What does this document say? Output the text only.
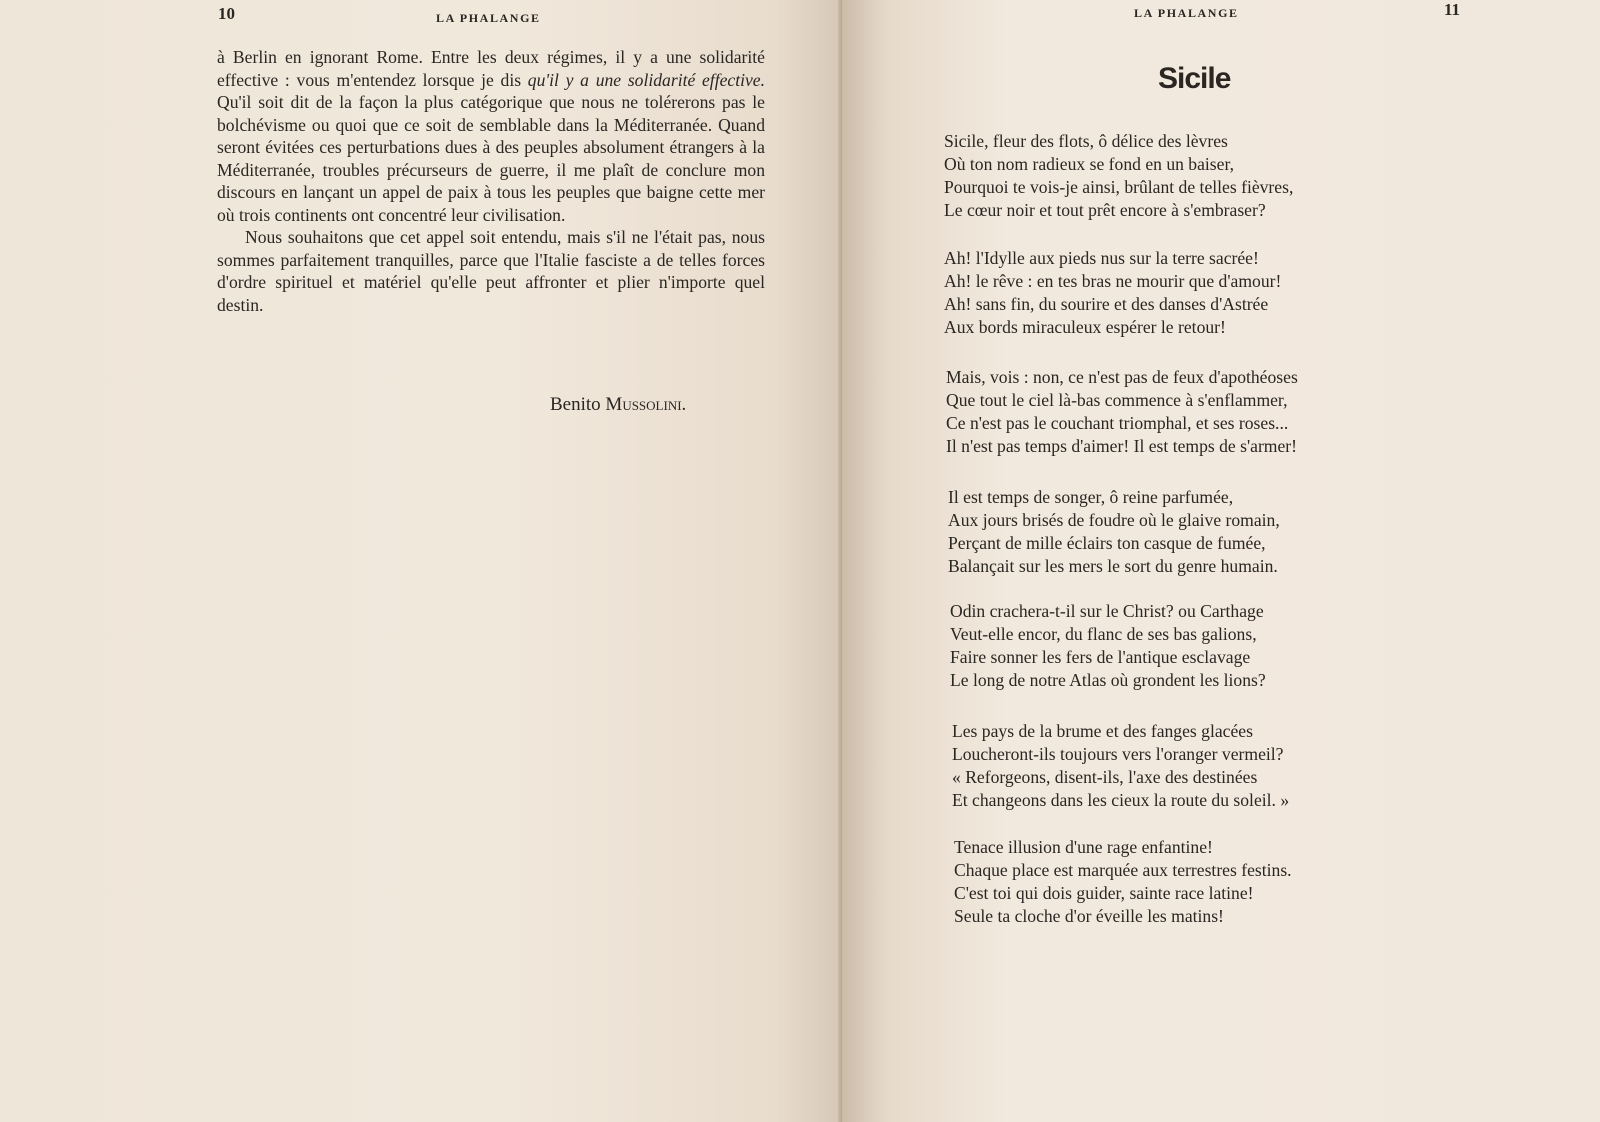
10	LA PHALANGE

à Berlin en ignorant Rome. Entre les deux régimes, il y a une solidarité effective : vous m'entendez lorsque je dis qu'il y a une solidarité effective. Qu'il soit dit de la façon la plus catégorique que nous ne tolérerons pas le bolchévisme ou quoi que ce soit de semblable dans la Méditerranée. Quand seront évitées ces perturbations dues à des peuples absolument étrangers à la Méditerranée, troubles précurseurs de guerre, il me plaît de conclure mon discours en lançant un appel de paix à tous les peuples que baigne cette mer où trois continents ont concentré leur civilisation.

Nous souhaitons que cet appel soit entendu, mais s'il ne l'était pas, nous sommes parfaitement tranquilles, parce que l'Italie fasciste a de telles forces d'ordre spirituel et matériel qu'elle peut affronter et plier n'importe quel destin.

Benito Mussolini.
LA PHALANGE	11
Sicile
Sicile, fleur des flots, ô délice des lèvres
Où ton nom radieux se fond en un baiser,
Pourquoi te vois-je ainsi, brûlant de telles fièvres,
Le cœur noir et tout prêt encore à s'embraser?
Ah! l'Idylle aux pieds nus sur la terre sacrée!
Ah! le rêve : en tes bras ne mourir que d'amour!
Ah! sans fin, du sourire et des danses d'Astrée
Aux bords miraculeux espérer le retour!
Mais, vois : non, ce n'est pas de feux d'apothéoses
Que tout le ciel là-bas commence à s'enflammer,
Ce n'est pas le couchant triomphal, et ses roses...
Il n'est pas temps d'aimer! Il est temps de s'armer!
Il est temps de songer, ô reine parfumée,
Aux jours brisés de foudre où le glaive romain,
Perçant de mille éclairs ton casque de fumée,
Balançait sur les mers le sort du genre humain.
Odin crachera-t-il sur le Christ? ou Carthage
Veut-elle encor, du flanc de ses bas galions,
Faire sonner les fers de l'antique esclavage
Le long de notre Atlas où grondent les lions?
Les pays de la brume et des fanges glacées
Loucheront-ils toujours vers l'oranger vermeil?
« Reforgeons, disent-ils, l'axe des destinées
Et changeons dans les cieux la route du soleil. »
Tenace illusion d'une rage enfantine!
Chaque place est marquée aux terrestres festins.
C'est toi qui dois guider, sainte race latine!
Seule ta cloche d'or éveille les matins!
